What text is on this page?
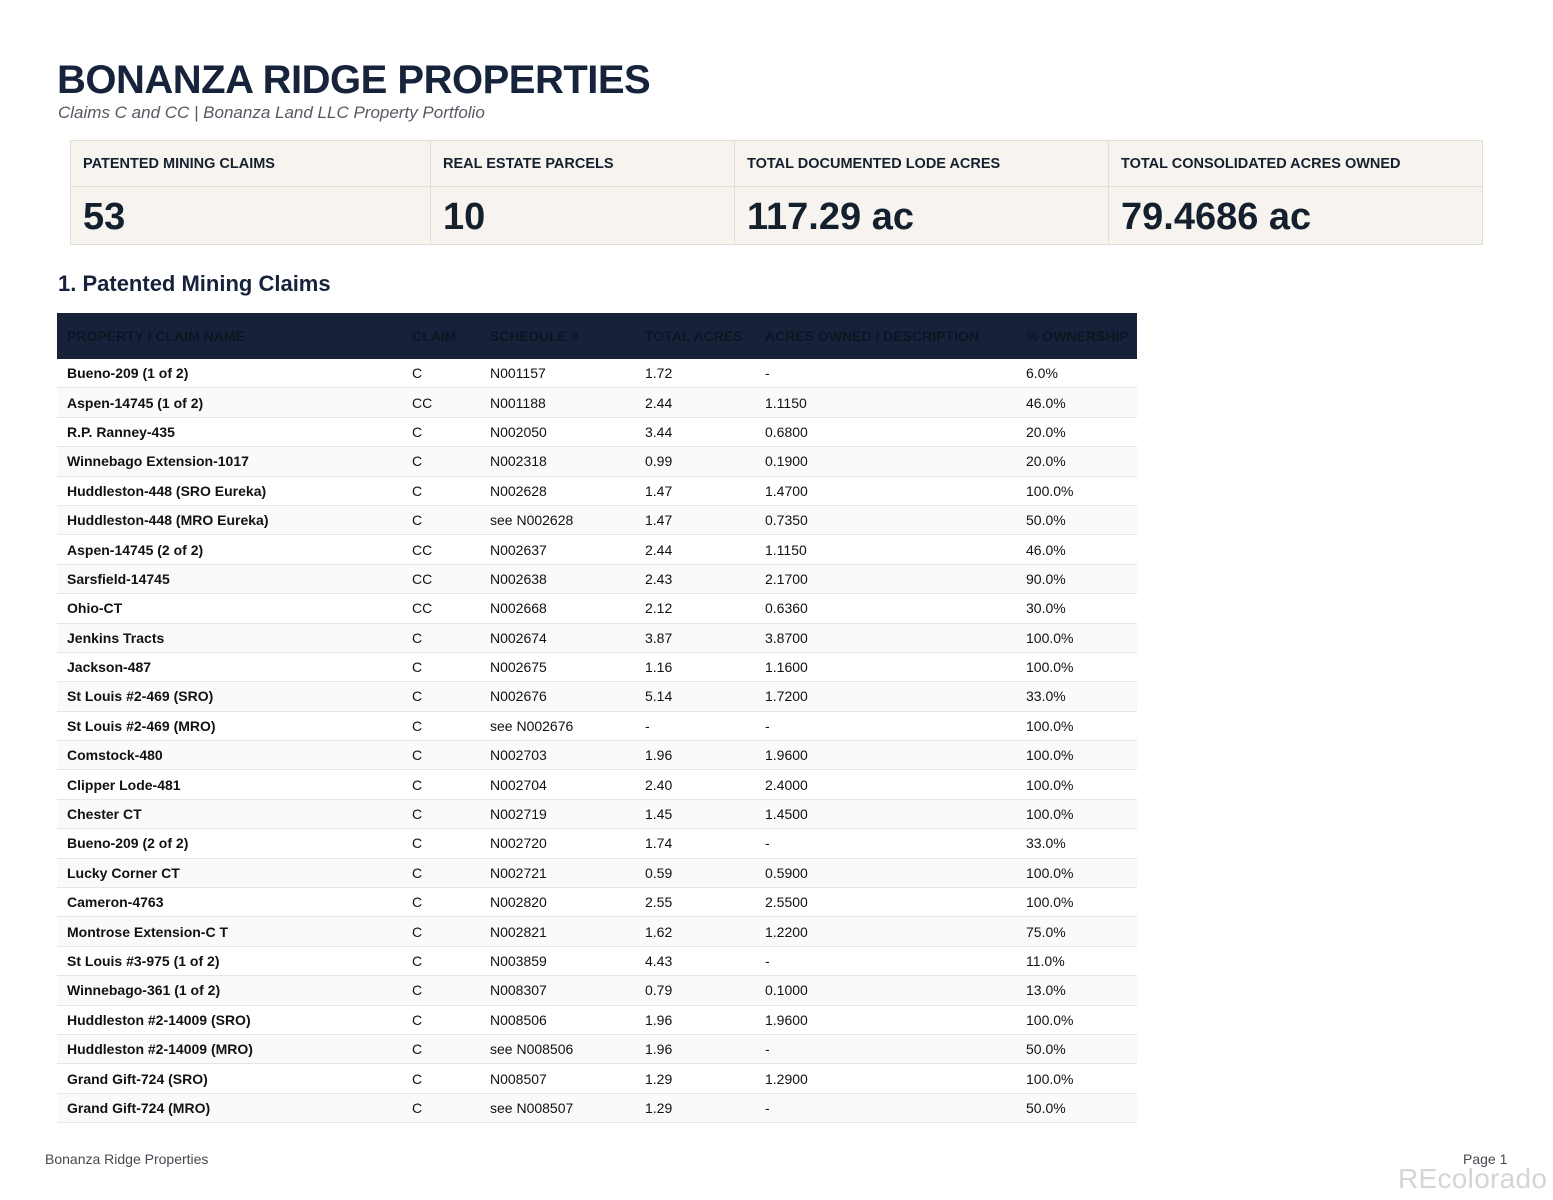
BONANZA RIDGE PROPERTIES
Claims C and CC | Bonanza Land LLC Property Portfolio
PATENTED MINING CLAIMS
53
REAL ESTATE PARCELS
10
TOTAL DOCUMENTED LODE ACRES
117.29 ac
TOTAL CONSOLIDATED ACRES OWNED
79.4686 ac
1. Patented Mining Claims
PROPERTY / CLAIM NAME	CLAIM	SCHEDULE #	TOTAL ACRES	ACRES OWNED / DESCRIPTION	% OWNERSHIP
Bueno-209 (1 of 2)	C	N001157	1.72	-	6.0%
Aspen-14745 (1 of 2)	CC	N001188	2.44	1.1150	46.0%
R.P. Ranney-435	C	N002050	3.44	0.6800	20.0%
Winnebago Extension-1017	C	N002318	0.99	0.1900	20.0%
Huddleston-448 (SRO Eureka)	C	N002628	1.47	1.4700	100.0%
Huddleston-448 (MRO Eureka)	C	see N002628	1.47	0.7350	50.0%
Aspen-14745 (2 of 2)	CC	N002637	2.44	1.1150	46.0%
Sarsfield-14745	CC	N002638	2.43	2.1700	90.0%
Ohio-CT	CC	N002668	2.12	0.6360	30.0%
Jenkins Tracts	C	N002674	3.87	3.8700	100.0%
Jackson-487	C	N002675	1.16	1.1600	100.0%
St Louis #2-469 (SRO)	C	N002676	5.14	1.7200	33.0%
St Louis #2-469 (MRO)	C	see N002676	-	-	100.0%
Comstock-480	C	N002703	1.96	1.9600	100.0%
Clipper Lode-481	C	N002704	2.40	2.4000	100.0%
Chester CT	C	N002719	1.45	1.4500	100.0%
Bueno-209 (2 of 2)	C	N002720	1.74	-	33.0%
Lucky Corner CT	C	N002721	0.59	0.5900	100.0%
Cameron-4763	C	N002820	2.55	2.5500	100.0%
Montrose Extension-C T	C	N002821	1.62	1.2200	75.0%
St Louis #3-975 (1 of 2)	C	N003859	4.43	-	11.0%
Winnebago-361 (1 of 2)	C	N008307	0.79	0.1000	13.0%
Huddleston #2-14009 (SRO)	C	N008506	1.96	1.9600	100.0%
Huddleston #2-14009 (MRO)	C	see N008506	1.96	-	50.0%
Grand Gift-724 (SRO)	C	N008507	1.29	1.2900	100.0%
Grand Gift-724 (MRO)	C	see N008507	1.29	-	50.0%
Bonanza Ridge Properties	Page 1
REcolorado
